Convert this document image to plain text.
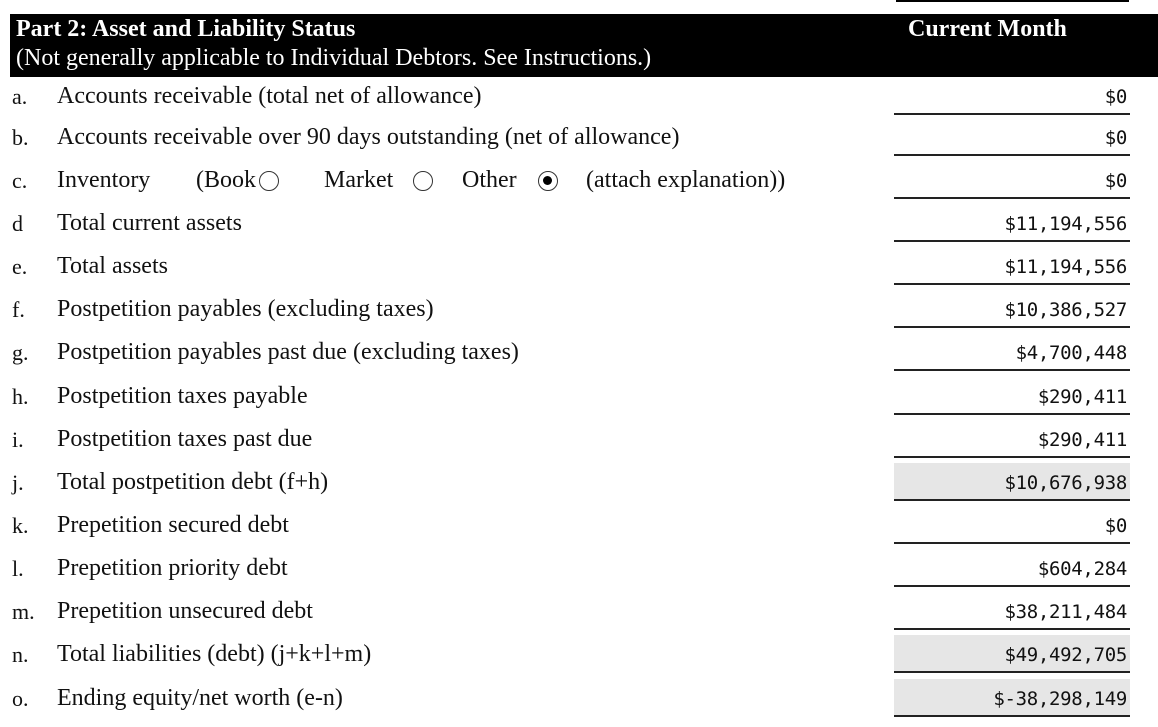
Part 2: Asset and Liability Status
(Not generally applicable to Individual Debtors. See Instructions.)
Current Month
a. Accounts receivable (total net of allowance)	$0
b. Accounts receivable over 90 days outstanding (net of allowance)	$0
c. Inventory (Book	Market	Other	(attach explanation))	$0
d Total current assets	$11,194,556
e. Total assets	$11,194,556
f. Postpetition payables (excluding taxes)	$10,386,527
g. Postpetition payables past due (excluding taxes)	$4,700,448
h. Postpetition taxes payable	$290,411
i. Postpetition taxes past due	$290,411
j. Total postpetition debt (f+h)	$10,676,938
k. Prepetition secured debt	$0
l. Prepetition priority debt	$604,284
m. Prepetition unsecured debt	$38,211,484
n. Total liabilities (debt) (j+k+l+m)	$49,492,705
o. Ending equity/net worth (e-n)	$-38,298,149
